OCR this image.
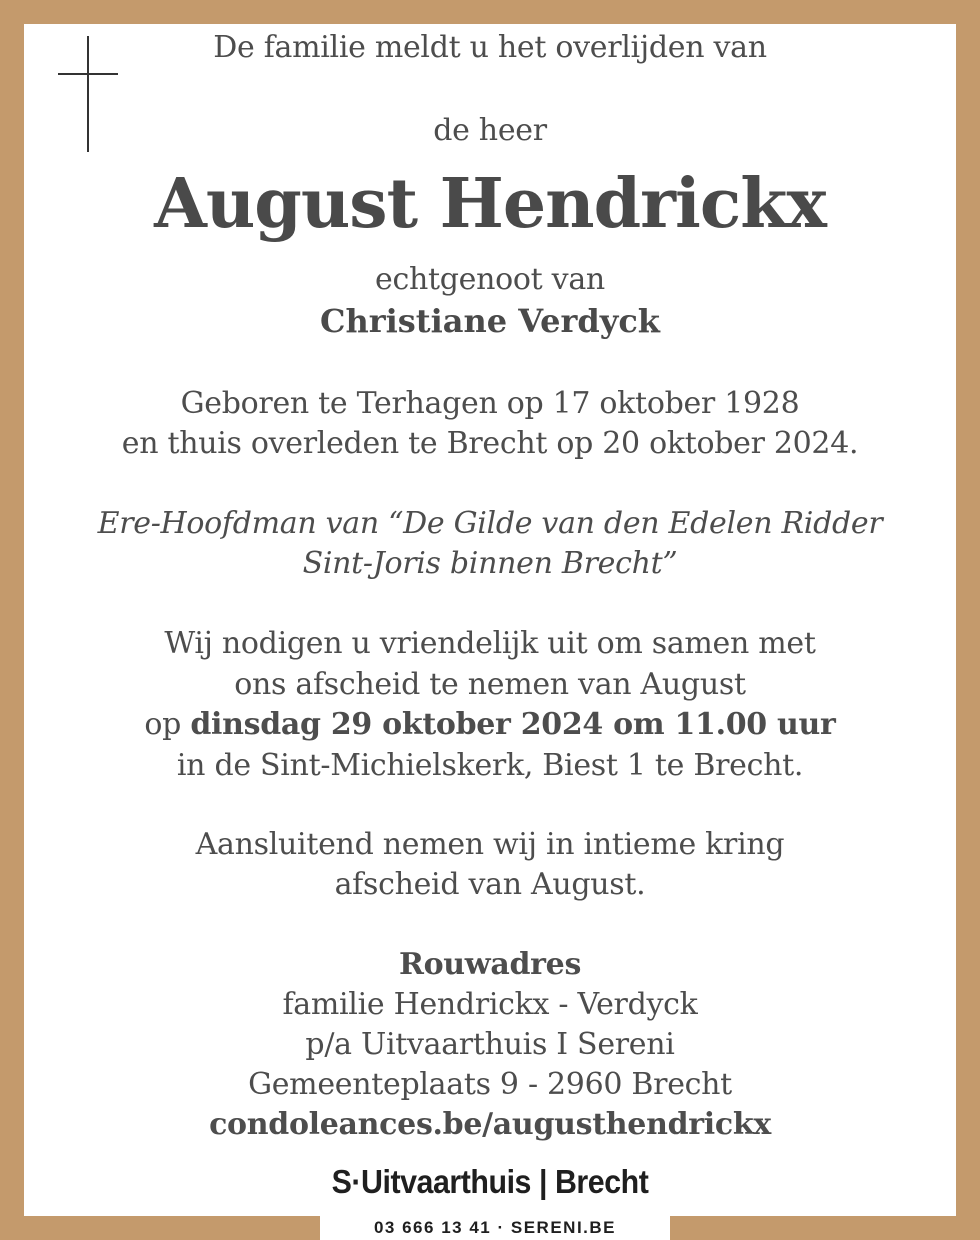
De familie meldt u het overlijden van
de heer
August Hendrickx
echtgenoot van
Christiane Verdyck
Geboren te Terhagen op 17 oktober 1928
en thuis overleden te Brecht op 20 oktober 2024.
Ere-Hoofdman van “De Gilde van den Edelen Ridder
Sint-Joris binnen Brecht”
Wij nodigen u vriendelijk uit om samen met
ons afscheid te nemen van August
op dinsdag 29 oktober 2024 om 11.00 uur
in de Sint-Michielskerk, Biest 1 te Brecht.
Aansluitend nemen wij in intieme kring
afscheid van August.
Rouwadres
familie Hendrickx - Verdyck
p/a Uitvaarthuis I Sereni
Gemeenteplaats 9 - 2960 Brecht
condoleances.be/augusthendrickx
S·Uitvaarthuis | Brecht
03 666 13 41 · SERENI.BE
